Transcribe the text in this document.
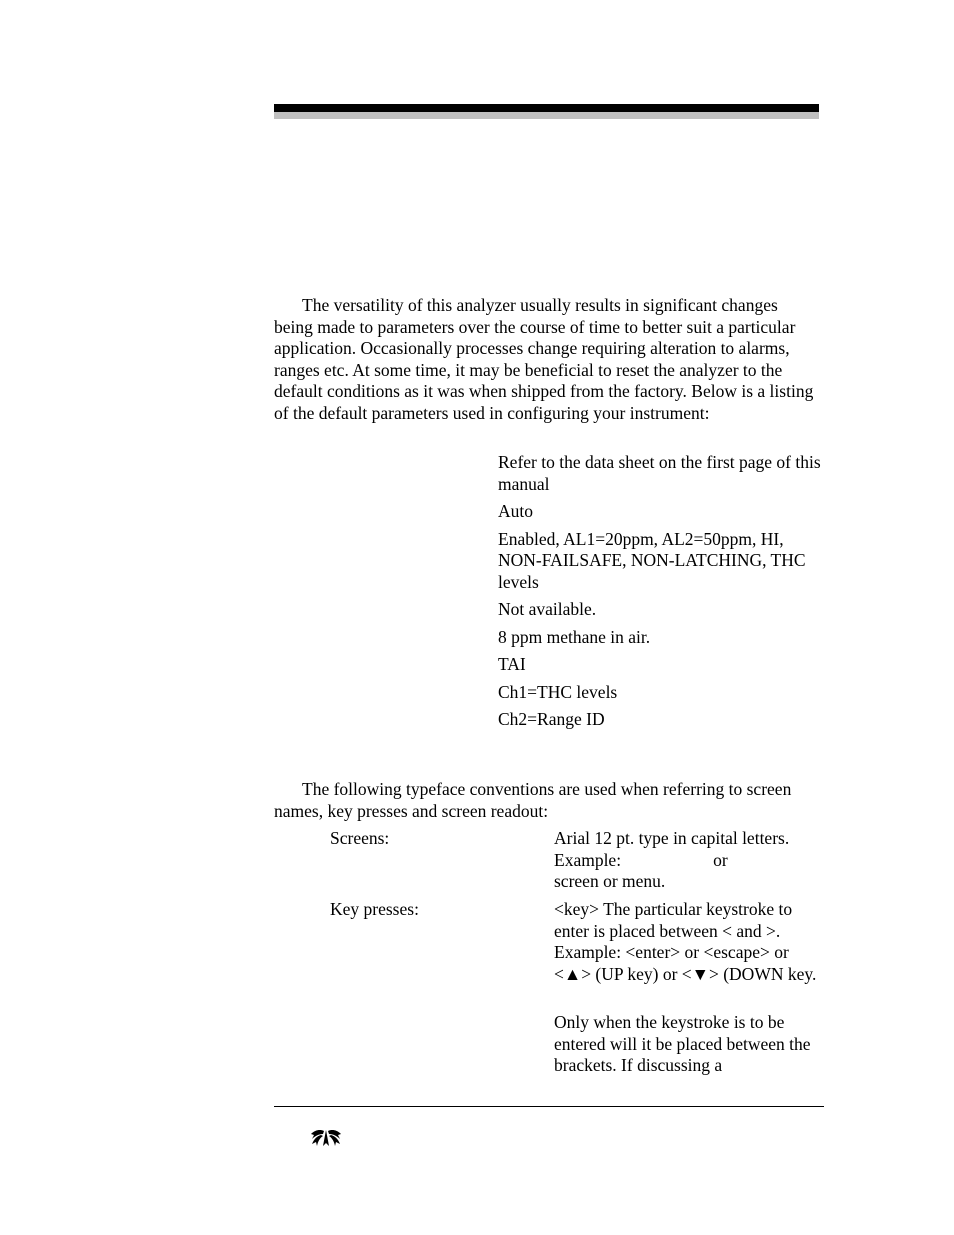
The versatility of this analyzer usually results in significant changes being made to parameters over the course of time to better suit a particular application. Occasionally processes change requiring alteration to alarms, ranges etc. At some time, it may be beneficial to reset the analyzer to the default conditions as it was when shipped from the factory. Below is a listing of the default parameters used in configuring your instrument:

Refer to the data sheet on the first page of this manual

Auto

Enabled, AL1=20ppm, AL2=50ppm, HI, NON-FAILSAFE, NON-LATCHING, THC levels

Not available.

8 ppm methane in air.

TAI

Ch1=THC levels

Ch2=Range ID

The following typeface conventions are used when referring to screen names, key presses and screen readout:

Screens:	Arial 12 pt. type in capital letters.
Example:	or
screen or menu.
Key presses:	<key> The particular keystroke to enter is placed between < and >. Example: <enter> or <escape> or <▲> (UP key) or <▼> (DOWN key.

Only when the keystroke is to be entered will it be placed between the brackets. If discussing a
